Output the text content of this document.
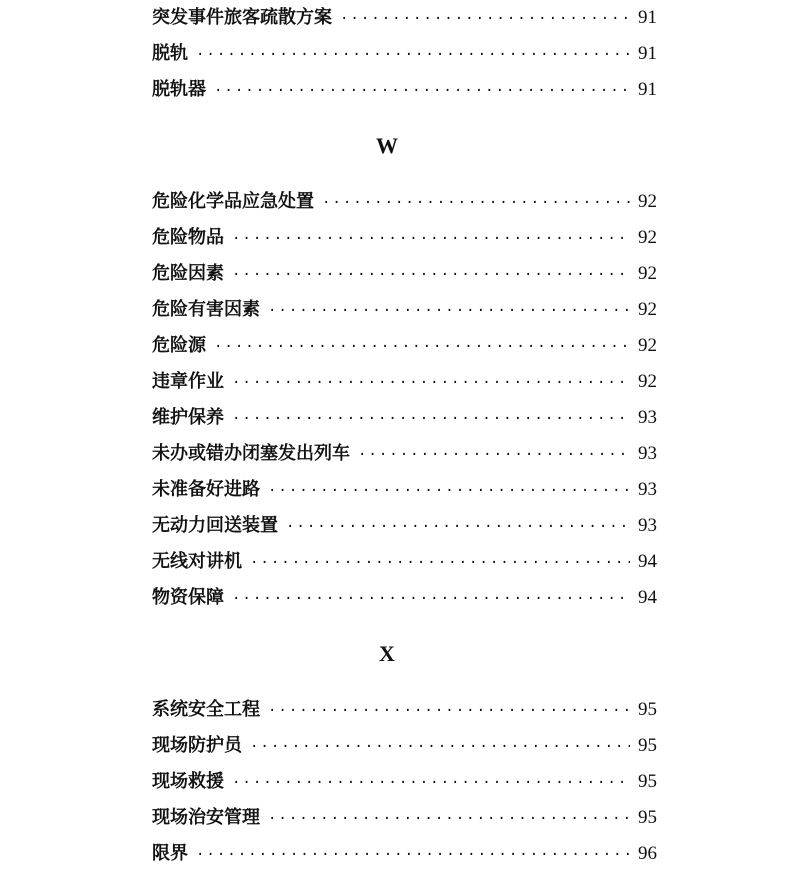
突发事件旅客疏散方案 ·····	91
脱轨 ·····	91
脱轨器 ·····	91
W
危险化学品应急处置 ·····	92
危险物品 ·····	92
危险因素 ·····	92
危险有害因素 ·····	92
危险源 ·····	92
违章作业 ·····	92
维护保养 ·····	93
未办或错办闭塞发出列车 ·····	93
未准备好进路 ·····	93
无动力回送装置 ·····	93
无线对讲机 ·····	94
物资保障 ·····	94
X
系统安全工程 ·····	95
现场防护员 ·····	95
现场救援 ·····	95
现场治安管理 ·····	95
限界 ·····	96
